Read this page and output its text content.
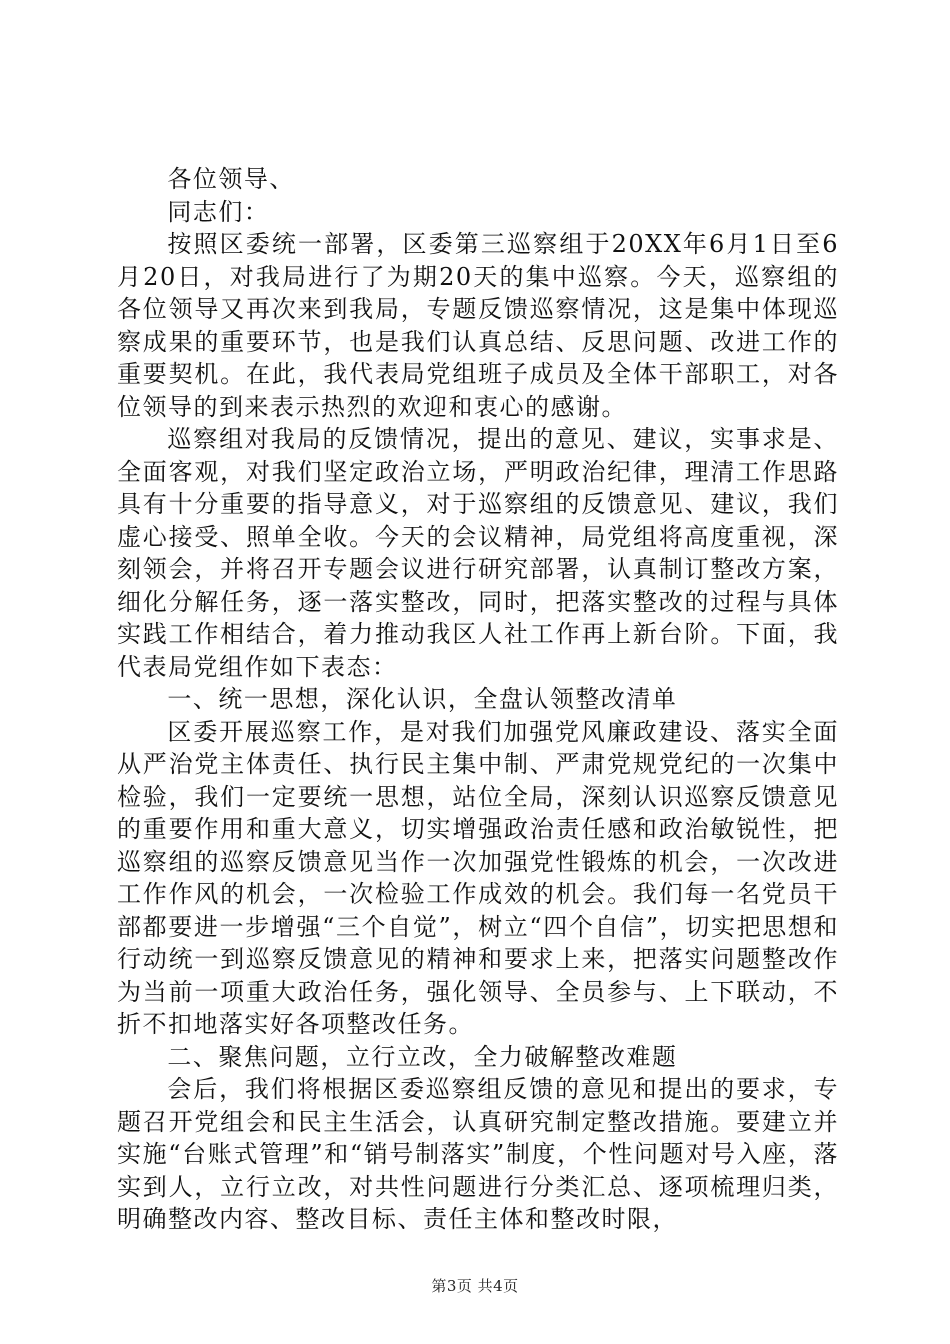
各位领导、

同志们：

按照区委统一部署，区委第三巡察组于20XX年6月1日至6月20日，对我局进行了为期20天的集中巡察。今天，巡察组的各位领导又再次来到我局，专题反馈巡察情况，这是集中体现巡察成果的重要环节，也是我们认真总结、反思问题、改进工作的重要契机。在此，我代表局党组班子成员及全体干部职工，对各位领导的到来表示热烈的欢迎和衷心的感谢。

巡察组对我局的反馈情况，提出的意见、建议，实事求是、全面客观，对我们坚定政治立场，严明政治纪律，理清工作思路具有十分重要的指导意义，对于巡察组的反馈意见、建议，我们虚心接受、照单全收。今天的会议精神，局党组将高度重视，深刻领会，并将召开专题会议进行研究部署，认真制订整改方案，细化分解任务，逐一落实整改，同时，把落实整改的过程与具体实践工作相结合，着力推动我区人社工作再上新台阶。下面，我代表局党组作如下表态：

一、统一思想，深化认识，全盘认领整改清单

区委开展巡察工作，是对我们加强党风廉政建设、落实全面从严治党主体责任、执行民主集中制、严肃党规党纪的一次集中检验，我们一定要统一思想，站位全局，深刻认识巡察反馈意见的重要作用和重大意义，切实增强政治责任感和政治敏锐性，把巡察组的巡察反馈意见当作一次加强党性锻炼的机会，一次改进工作作风的机会，一次检验工作成效的机会。我们每一名党员干部都要进一步增强“三个自觉”，树立“四个自信”，切实把思想和行动统一到巡察反馈意见的精神和要求上来，把落实问题整改作为当前一项重大政治任务，强化领导、全员参与、上下联动，不折不扣地落实好各项整改任务。

二、聚焦问题，立行立改，全力破解整改难题

会后，我们将根据区委巡察组反馈的意见和提出的要求，专题召开党组会和民主生活会，认真研究制定整改措施。要建立并实施“台账式管理”和“销号制落实”制度，个性问题对号入座，落实到人，立行立改，对共性问题进行分类汇总、逐项梳理归类，明确整改内容、整改目标、责任主体和整改时限，

第3页 共4页
